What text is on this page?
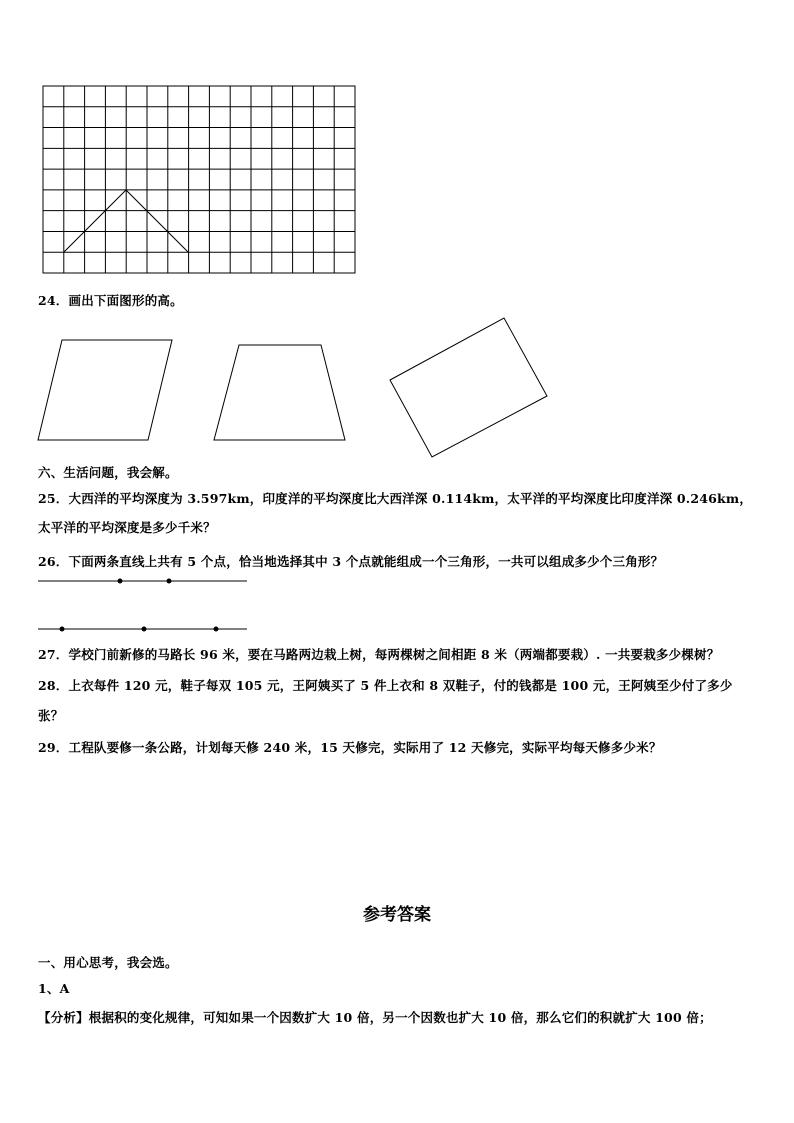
24．画出下面图形的高。
六、生活问题，我会解。
25．大西洋的平均深度为 3.597km，印度洋的平均深度比大西洋深 0.114km，太平洋的平均深度比印度洋深 0.246km，
太平洋的平均深度是多少千米？
26．下面两条直线上共有 5 个点，恰当地选择其中 3 个点就能组成一个三角形，一共可以组成多少个三角形？
27．学校门前新修的马路长 96 米，要在马路两边栽上树，每两棵树之间相距 8 米（两端都要栽）. 一共要栽多少棵树？
28．上衣每件 120 元，鞋子每双 105 元，王阿姨买了 5 件上衣和 8 双鞋子，付的钱都是 100 元，王阿姨至少付了多少
张？
29．工程队要修一条公路，计划每天修 240 米，15 天修完，实际用了 12 天修完，实际平均每天修多少米？
参考答案
一、用心思考，我会选。
1、A
【分析】根据积的变化规律，可知如果一个因数扩大 10 倍，另一个因数也扩大 10 倍，那么它们的积就扩大 100 倍；
